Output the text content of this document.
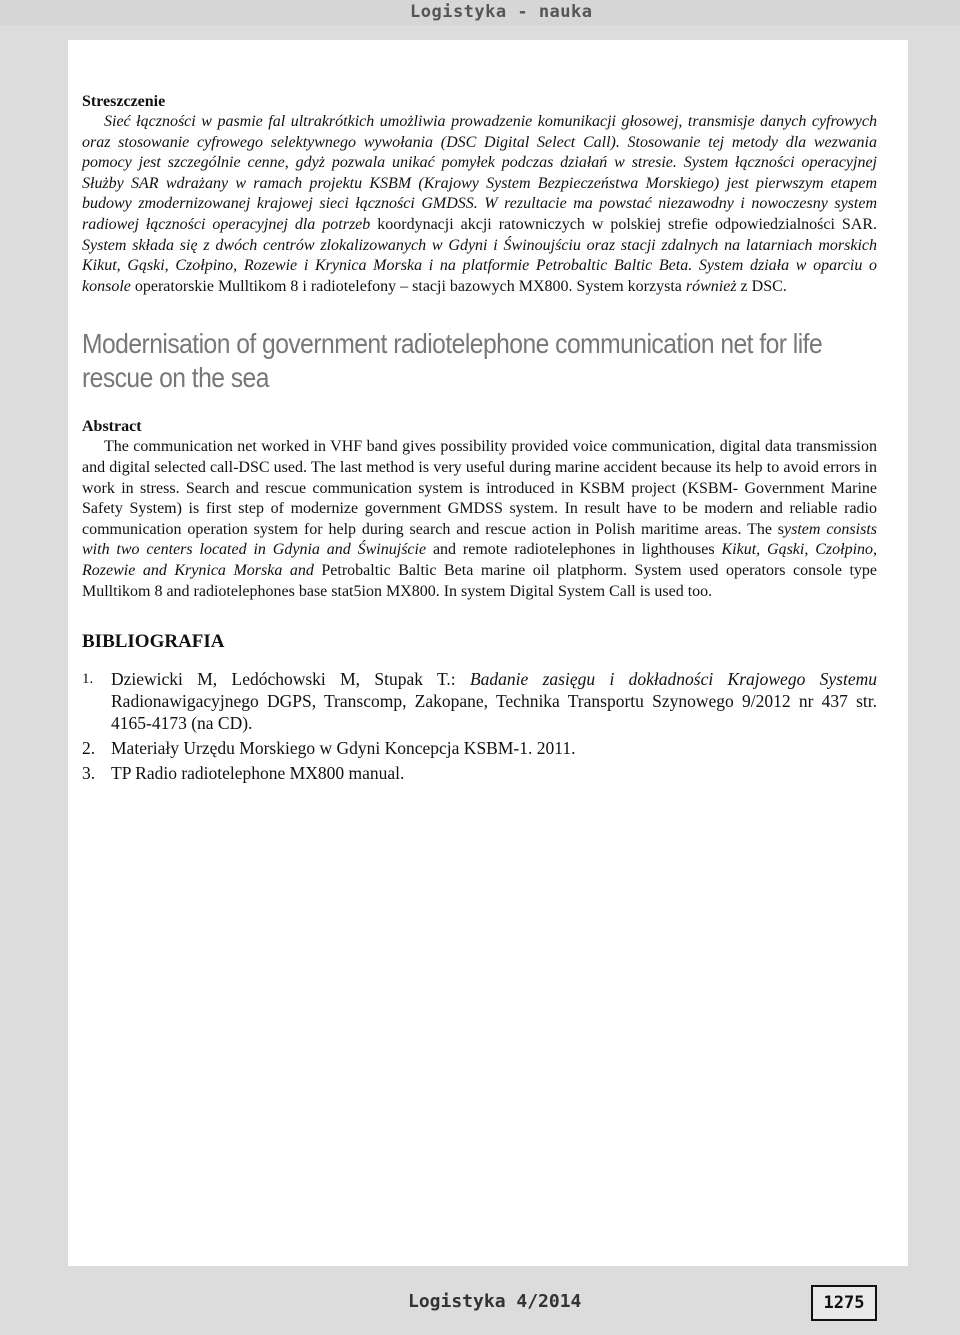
Logistyka - nauka

Streszczenie

Sieć łączności w pasmie fal ultrakrótkich umożliwia prowadzenie komunikacji głosowej, transmisje danych cyfrowych oraz stosowanie cyfrowego selektywnego wywołania (DSC Digital Select Call). Stosowanie tej metody dla wezwania pomocy jest szczególnie cenne, gdyż pozwala unikać pomyłek podczas działań w stresie. System łączności operacyjnej Służby SAR wdrażany w ramach projektu KSBM (Krajowy System Bezpieczeństwa Morskiego) jest pierwszym etapem budowy zmodernizowanej krajowej sieci łączności GMDSS. W rezultacie ma powstać niezawodny i nowoczesny system radiowej łączności operacyjnej dla potrzeb koordynacji akcji ratowniczych w polskiej strefie odpowiedzialności SAR. System składa się z dwóch centrów zlokalizowanych w Gdyni i Świnoujściu oraz stacji zdalnych na latarniach morskich Kikut, Gąski, Czołpino, Rozewie i Krynica Morska i na platformie Petrobaltic Baltic Beta. System działa w oparciu o konsole operatorskie Mulltikom 8 i radiotelefony – stacji bazowych MX800. System korzysta również z DSC.

Modernisation of government radiotelephone communication net for life rescue on the sea

Abstract

The communication net worked in VHF band gives possibility provided voice communication, digital data transmission and digital selected call-DSC used. The last method is very useful during marine accident because its help to avoid errors in work in stress. Search and rescue communication system is introduced in KSBM project (KSBM- Government Marine Safety System) is first step of modernize government GMDSS system. In result have to be modern and reliable radio communication operation system for help during search and rescue action in Polish maritime areas. The system consists with two centers located in Gdynia and Świnujście and remote radiotelephones in lighthouses Kikut, Gąski, Czołpino, Rozewie and Krynica Morska and Petrobaltic Baltic Beta marine oil platphorm. System used operators console type Mulltikom 8 and radiotelephones base stat5ion MX800. In system Digital System Call is used too.

BIBLIOGRAFIA

1. Dziewicki M, Ledóchowski M, Stupak T.: Badanie zasięgu i dokładności Krajowego Systemu Radionawigacyjnego DGPS, Transcomp, Zakopane, Technika Transportu Szynowego 9/2012 nr 437 str. 4165-4173 (na CD).
2. Materiały Urzędu Morskiego w Gdyni Koncepcja KSBM-1. 2011.
3. TP Radio radiotelephone MX800 manual.
Logistyka 4/2014	1275
